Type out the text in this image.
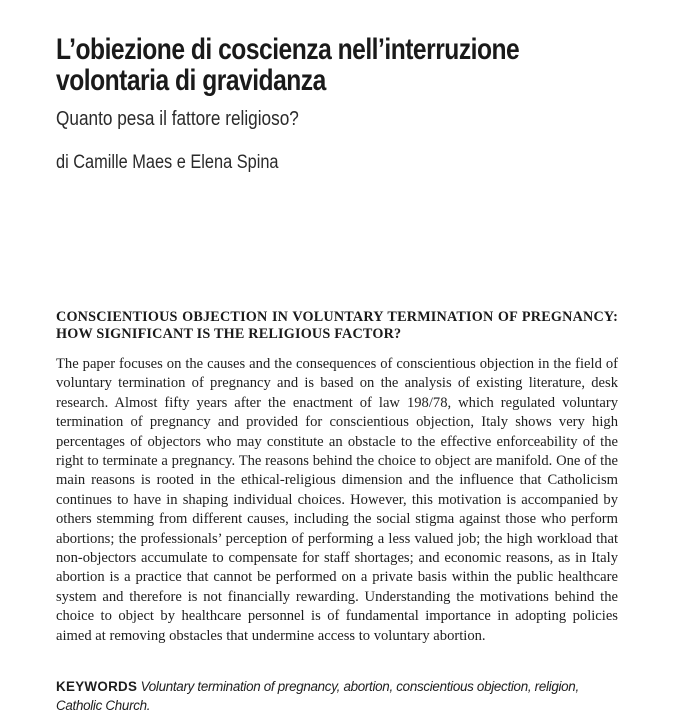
L’obiezione di coscienza nell’interruzione volontaria di gravidanza
Quanto pesa il fattore religioso?
di Camille Maes e Elena Spina
CONSCIENTIOUS OBJECTION IN VOLUNTARY TERMINATION OF PREGNANCY: HOW SIGNIFICANT IS THE RELIGIOUS FACTOR?

The paper focuses on the causes and the consequences of conscientious objection in the field of voluntary termination of pregnancy and is based on the analysis of existing literature, desk research. Almost fifty years after the enactment of law 198/78, which regulated voluntary termination of pregnancy and provided for conscientious objection, Italy shows very high percentages of objectors who may constitute an obstacle to the effective enforceability of the right to terminate a pregnancy. The reasons behind the choice to object are manifold. One of the main reasons is rooted in the ethical-religious dimension and the influence that Catholicism continues to have in shaping individual choices. However, this motivation is accompanied by others stemming from different causes, including the social stigma against those who perform abortions; the professionals’ perception of performing a less valued job; the high workload that non-objectors accumulate to compensate for staff shortages; and economic reasons, as in Italy abortion is a practice that cannot be performed on a private basis within the public healthcare system and therefore is not financially rewarding. Understanding the motivations behind the choice to object by healthcare personnel is of fundamental importance in adopting policies aimed at removing obstacles that undermine access to voluntary abortion.

KEYWORDS Voluntary termination of pregnancy, abortion, conscientious objection, religion, Catholic Church.
